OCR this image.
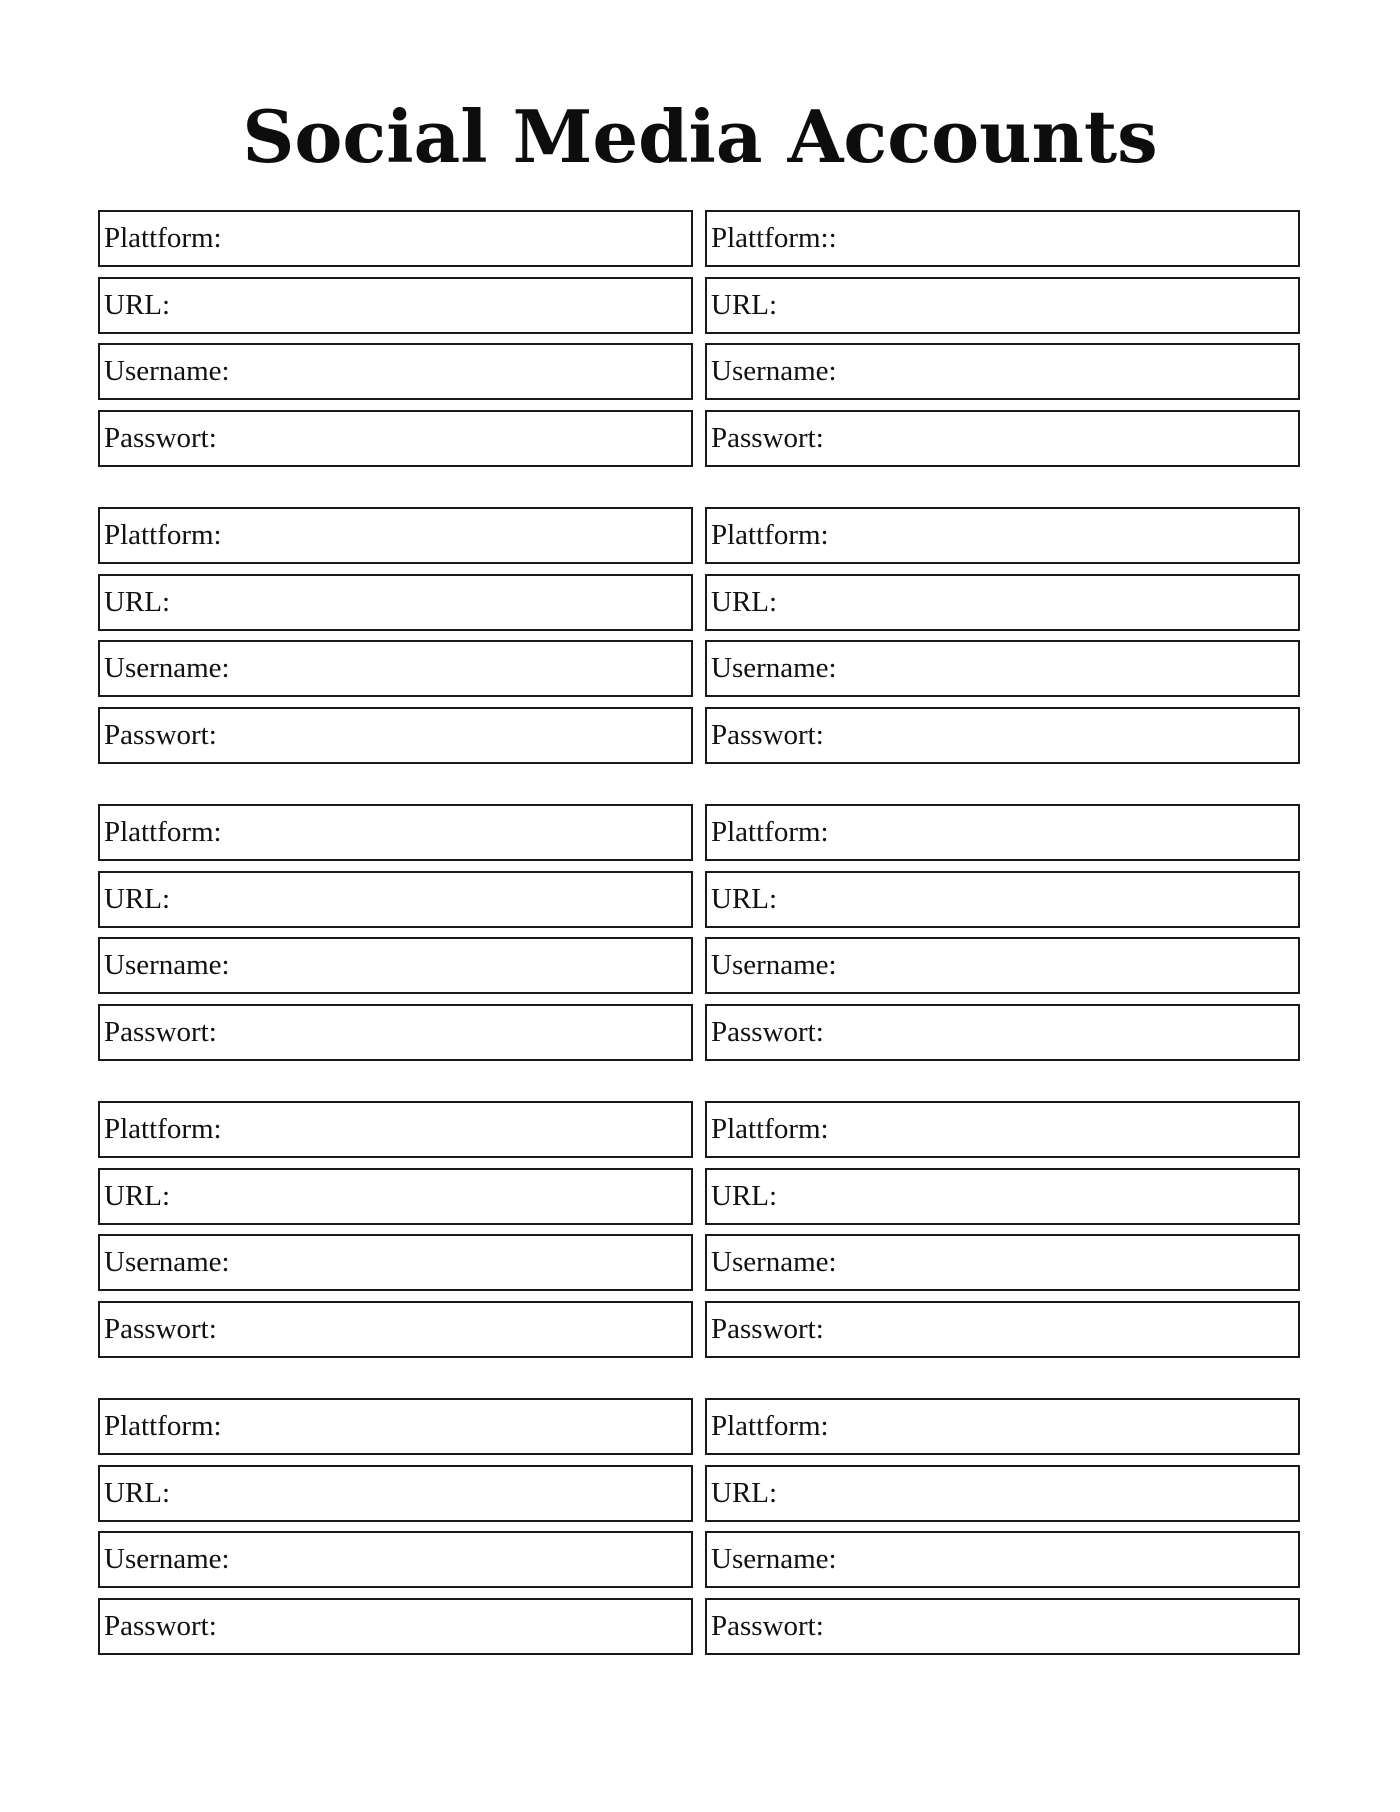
Social Media Accounts
Plattform:
URL:
Username:
Passwort:
Plattform::
URL:
Username:
Passwort:
Plattform:
URL:
Username:
Passwort:
Plattform:
URL:
Username:
Passwort:
Plattform:
URL:
Username:
Passwort:
Plattform:
URL:
Username:
Passwort:
Plattform:
URL:
Username:
Passwort:
Plattform:
URL:
Username:
Passwort:
Plattform:
URL:
Username:
Passwort:
Plattform:
URL:
Username:
Passwort:
